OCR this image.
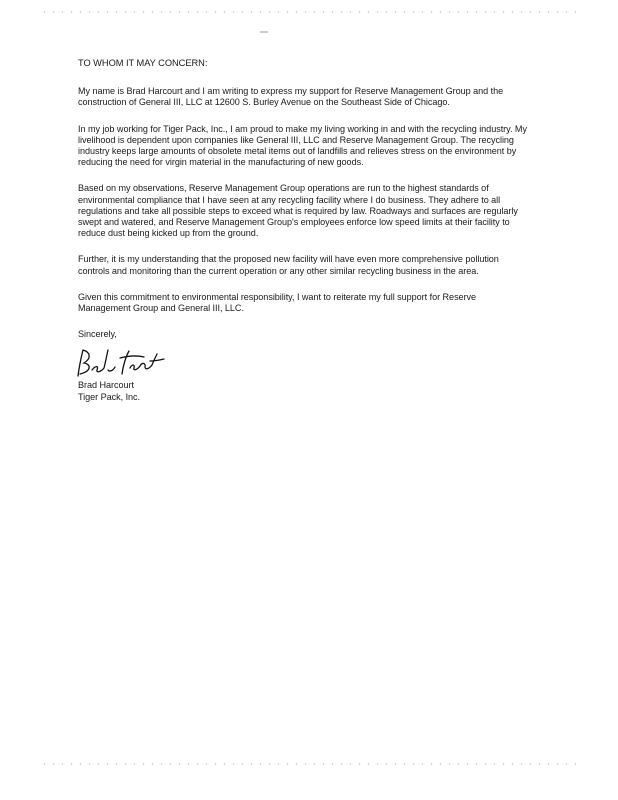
TO WHOM IT MAY CONCERN:

My name is Brad Harcourt and I am writing to express my support for Reserve Management Group and the construction of General III, LLC at 12600 S. Burley Avenue on the Southeast Side of Chicago.

In my job working for Tiger Pack, Inc., I am proud to make my living working in and with the recycling industry. My livelihood is dependent upon companies like General III, LLC and Reserve Management Group. The recycling industry keeps large amounts of obsolete metal items out of landfills and relieves stress on the environment by reducing the need for virgin material in the manufacturing of new goods.

Based on my observations, Reserve Management Group operations are run to the highest standards of environmental compliance that I have seen at any recycling facility where I do business. They adhere to all regulations and take all possible steps to exceed what is required by law. Roadways and surfaces are regularly swept and watered, and Reserve Management Group's employees enforce low speed limits at their facility to reduce dust being kicked up from the ground.

Further, it is my understanding that the proposed new facility will have even more comprehensive pollution controls and monitoring than the current operation or any other similar recycling business in the area.

Given this commitment to environmental responsibility, I want to reiterate my full support for Reserve Management Group and General III, LLC.

Sincerely,

Brad Harcourt
Tiger Pack, Inc.
